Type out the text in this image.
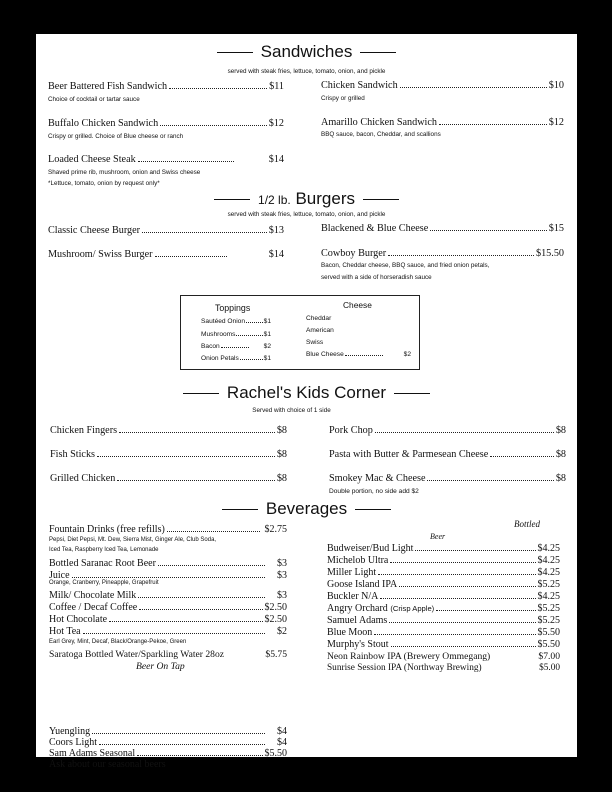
Sandwiches
served with steak fries, lettuce, tomato, onion, and pickle
Beer Battered Fish Sandwich	$11
Choice of cocktail or tartar sauce
Chicken Sandwich	$10
Crispy or grilled
Buffalo Chicken Sandwich	$12
Crispy or grilled. Choice of Blue cheese or ranch
Amarillo Chicken Sandwich	$12
BBQ sauce, bacon, Cheddar, and scallions
Loaded Cheese Steak	$14
Shaved prime rib, mushroom, onion and Swiss cheese
*Lettuce, tomato, onion by request only*
1/2 lb. Burgers
served with steak fries, lettuce, tomato, onion, and pickle
Classic Cheese Burger	$13	Blackened & Blue Cheese	$15
Mushroom/ Swiss Burger	$14	Cowboy Burger	$15.50
Bacon, Cheddar cheese, BBQ sauce, and fried onion petals,
served with a side of horseradish sauce
Toppings
Sautéed Onion	$1
Mushrooms	$1
Bacon	$2
Onion Petals	$1
Cheese
Cheddar
American
Swiss
Blue Cheese	$2
Rachel's Kids Corner
Served with choice of 1 side
Chicken Fingers	$8	Pork Chop	$8
Fish Sticks	$8	Pasta with Butter & Parmesean Cheese	$8
Grilled Chicken	$8	Smokey Mac & Cheese	$8
Double portion, no side add $2
Beverages
Fountain Drinks (free refills)	$2.75
Pepsi, Diet Pepsi, Mt. Dew, Sierra Mist, Ginger Ale, Club Soda,
Iced Tea, Raspberry Iced Tea, Lemonade
Bottled Saranac Root Beer	$3
Juice	$3
Orange, Cranberry, Pineapple, Grapefruit
Milk/ Chocolate Milk	$3
Coffee / Decaf Coffee	$2.50
Hot Chocolate	$2.50
Hot Tea	$2
Earl Grey, Mint, Decaf, Black/Orange-Pekoe, Green
Saratoga Bottled Water/Sparkling Water 28oz	$5.75
Beer On Tap
Yuengling	$4
Coors Light	$4
Sam Adams Seasonal	$5.50
Bottled
Beer
Budweiser/Bud Light	$4.25
Michelob Ultra	$4.25
Miller Light	$4.25
Goose Island IPA	$5.25
Buckler N/A	$4.25
Angry Orchard
(Crisp Apple)	$5.25
Samuel Adams	$5.25
Blue Moon	$5.50
Murphy's Stout	$5.50
Neon Rainbow IPA (Brewery Ommegang)	$7.00
Sunrise Session IPA (Northway Brewing)	$5.00
Ask about our seasonal beers
